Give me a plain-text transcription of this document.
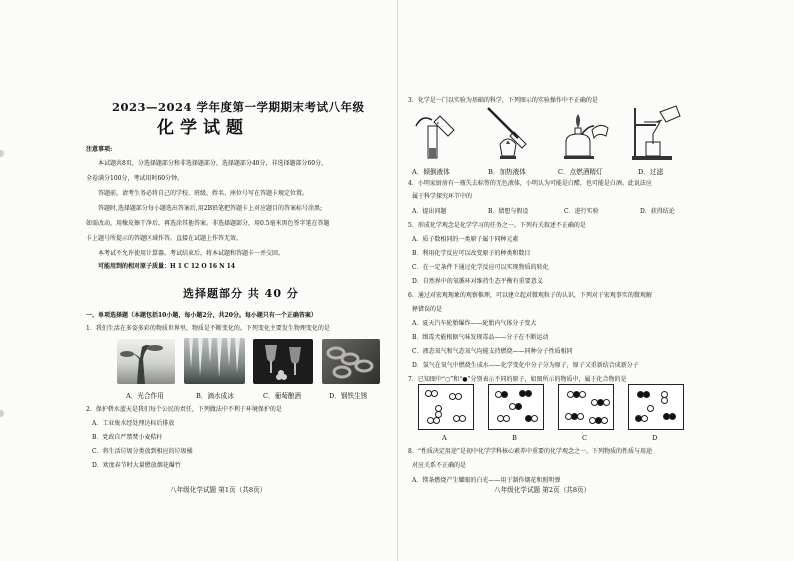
2023—2024 学年度第一学期期末考试八年级
化学试题
注意事项:
本试题共8页，分选择题部分和非选择题部分，选择题部分40分，非选择题部分60分，
全卷满分100分，考试用时60分钟。
答题前，请考生务必将自己的学校、班级、姓名、座位号写在答题卡规定位置。
答题时,选择题部分每小题选出答案后,用2B铅笔把答题卡上对应题目的答案标号涂黑;
如需改动，用橡皮擦干净后，再选涂其他答案。非选择题部分，用0.5毫米黑色签字笔在答题
卡上题号所提示的答题区域作答。直接在试题上作答无效。
本考试不允许使用计算器。考试结束后，将本试题和答题卡一并交回。
可能用到的相对原子质量：H 1 C 12 O 16 N 14
选择题部分 共 40 分
一、单项选择题（本题包括10小题，每小题2分，共20分。每小题只有一个正确答案）
1．我们生活在多姿多彩的物质世界里，物质是不断变化的。下列变化主要发生物理变化的是
A．光合作用	B．滴水成冰	C．葡萄酿酒	D．钢铁生锈
2．保护碧水蓝天是我们每个公民的责任，下列做法中不利于环境保护的是
A．工业废水经处理达标后排放
B．党政自严禁焚小麦秸秆
C．将生活垃圾分类放到相应的垃圾桶
D．欢度春节时大量燃放烟花爆竹
八年级化学试题 第1页（共8页）
3．化学是一门以实验为基础的科学，下列图示的实验操作中不正确的是
A．倾倒液体	B．加热液体	C．点燃酒精灯	D．过滤
4．小明家厨房有一瓶失去标签的无色液体，小明认为可能是白醋，也可能是白酒。此说法应
属于科学探究环节中的
A．提出问题	B．猜想与假设	C．进行实验	D．获得结论
5．形成化学观念是化学学习的任务之一。下列有关叙述不正确的是
A．质子数相同的一类原子属于同种元素
B．利用化学反应可以改变原子的种类和数目
C．在一定条件下通过化学反应可以实现物质的转化
D．自然界中的氧循环对维持生态平衡有重要意义
6．通过对宏观现象的观察推理，可以建立起对微观粒子的认识，下列对于宏观事实的微观解
释错误的是
A．夏天汽车轮胎爆炸——轮胎内气体分子变大
B．缉毒犬能根据气味发现毒品——分子在不断运动
C．液态氧气和气态氧气均能支持燃烧——同种分子性质相同
D．氢气在氧气中燃烧生成水——化学变化中分子分为原子，原子又重新结合成新分子
7．已知图中“○”和“●”分别表示不同的原子，如图所示的物质中，属于化合物的是
A	B	C	D
8．“性质决定用途”是初中化学学科核心素养中重要的化学观念之一，下列物质的性质与用途
对应关系不正确的是
A．镁条燃烧产生耀眼的白光——用于制作烟花和照明弹
八年级化学试题 第2页（共8页）
